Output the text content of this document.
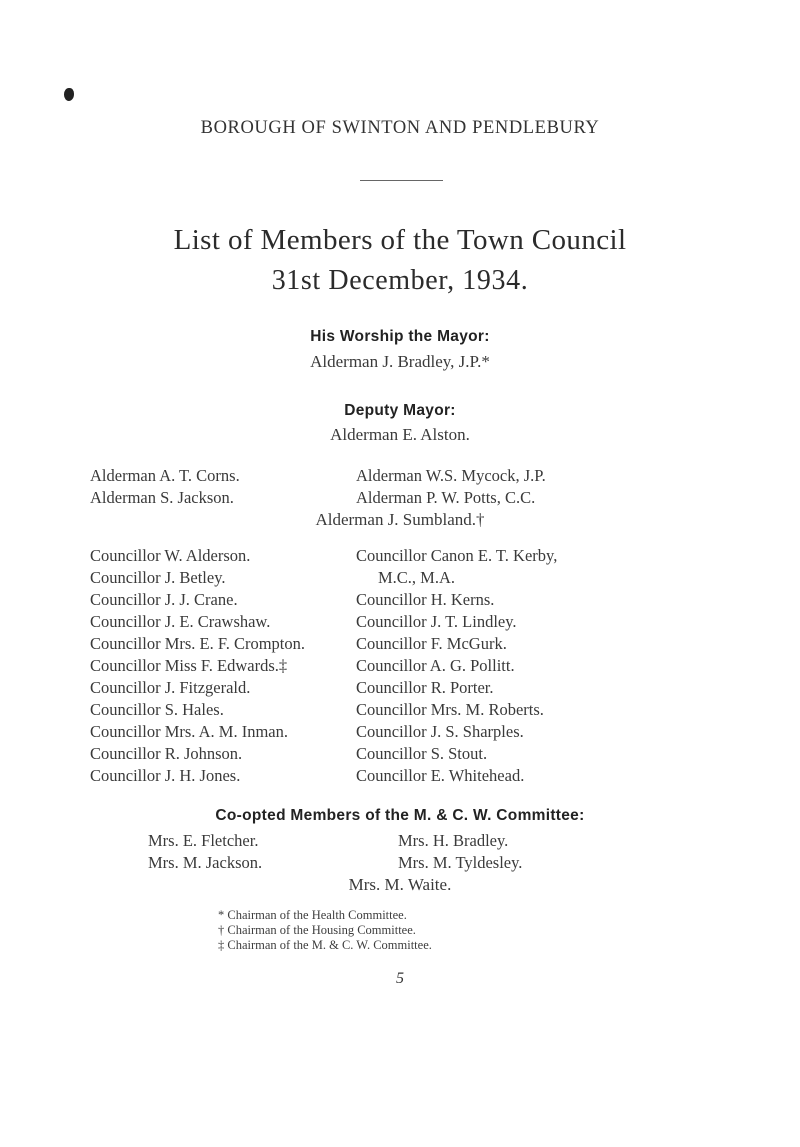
BOROUGH OF SWINTON AND PENDLEBURY
List of Members of the Town Council
31st December, 1934.
His Worship the Mayor:
Alderman J. Bradley, J.P.*
Deputy Mayor:
Alderman E. Alston.
Alderman A. T. Corns.
Alderman S. Jackson.
Alderman W.S. Mycock, J.P.
Alderman P. W. Potts, C.C.
Alderman J. Sumbland.†
Councillor W. Alderson.
Councillor J. Betley.
Councillor J. J. Crane.
Councillor J. E. Crawshaw.
Councillor Mrs. E. F. Crompton.
Councillor Miss F. Edwards.‡
Councillor J. Fitzgerald.
Councillor S. Hales.
Councillor Mrs. A. M. Inman.
Councillor R. Johnson.
Councillor J. H. Jones.
Councillor Canon E. T. Kerby,
M.C., M.A.
Councillor H. Kerns.
Councillor J. T. Lindley.
Councillor F. McGurk.
Councillor A. G. Pollitt.
Councillor R. Porter.
Councillor Mrs. M. Roberts.
Councillor J. S. Sharples.
Councillor S. Stout.
Councillor E. Whitehead.
Co-opted Members of the M. & C. W. Committee:
Mrs. E. Fletcher.
Mrs. M. Jackson.
Mrs. H. Bradley.
Mrs. M. Tyldesley.
Mrs. M. Waite.
* Chairman of the Health Committee.
† Chairman of the Housing Committee.
‡ Chairman of the M. & C. W. Committee.
5
